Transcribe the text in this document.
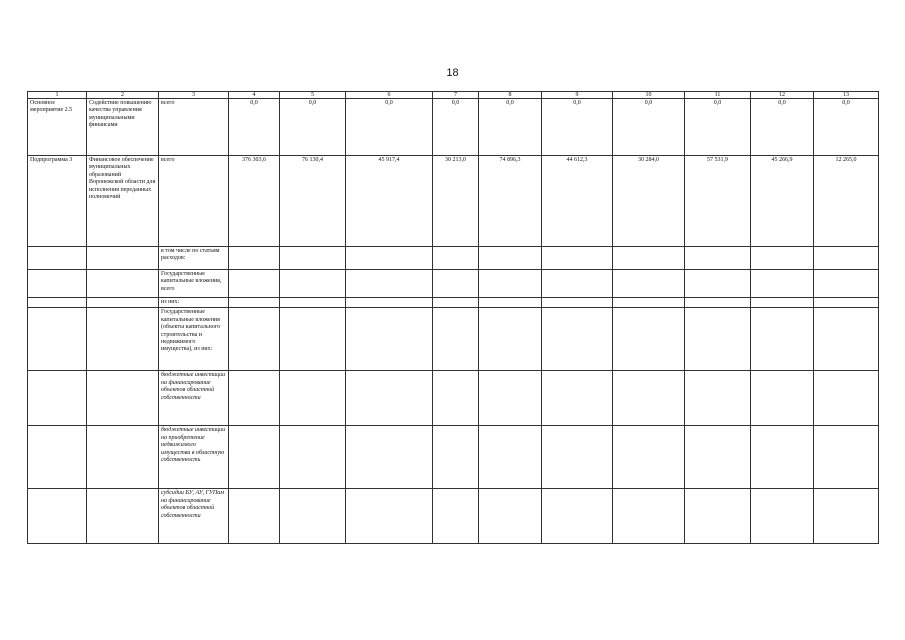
18
1	2	3	4	5	6	7	8	9	10	11	12	13
Основное мероприятие 2.5	Содействие повышению качества управления муниципальными финансами	всего	0,0	0,0	0,0	0,0	0,0	0,0	0,0	0,0	0,0	0,0
Подпрограмма 3	Финансовое обеспечение муниципальных образований Воронежской области для исполнения переданных полномочий	всего	376 303,6	76 130,4	45 917,4	30 213,0	74 896,3	44 612,3	30 284,0	57 531,9	45 266,9	12 265,0
		в том числе по статьям расходов:										
		Государственные капитальные вложения, всего										
		из них:										
		Государственные капитальные вложения (объекты капитального строительства и недвижимого имущества), из них:										
		бюджетные инвестиции на финансирование объектов областной собственности										
		бюджетные инвестиции на приобретение недвижимого имущества в областную собственность										
		субсидии БУ, АУ, ГУПам на финансирование объектов областной собственности										
